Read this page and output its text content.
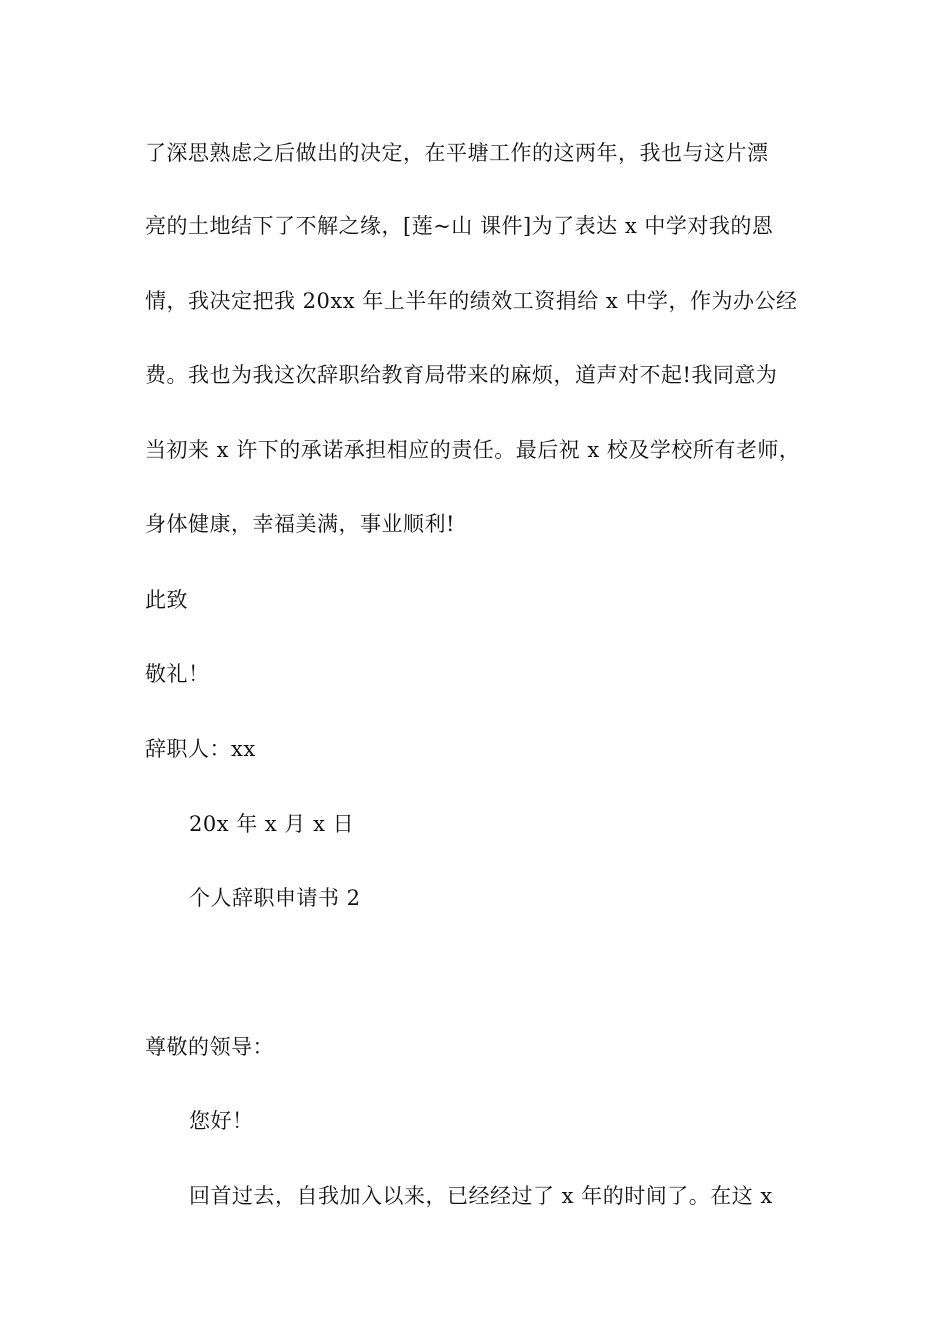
了深思熟虑之后做出的决定，在平塘工作的这两年，我也与这片漂
亮的土地结下了不解之缘，[莲~山 课件]为了表达 x 中学对我的恩
情，我决定把我 20xx 年上半年的绩效工资捐给 x 中学，作为办公经
费。我也为我这次辞职给教育局带来的麻烦，道声对不起!我同意为
当初来 x 许下的承诺承担相应的责任。最后祝 x 校及学校所有老师，
身体健康，幸福美满，事业顺利!
此致
敬礼！
辞职人：xx
20x 年 x 月 x 日
个人辞职申请书 2
尊敬的领导：
您好！
回首过去，自我加入以来，已经经过了 x 年的时间了。在这 x
